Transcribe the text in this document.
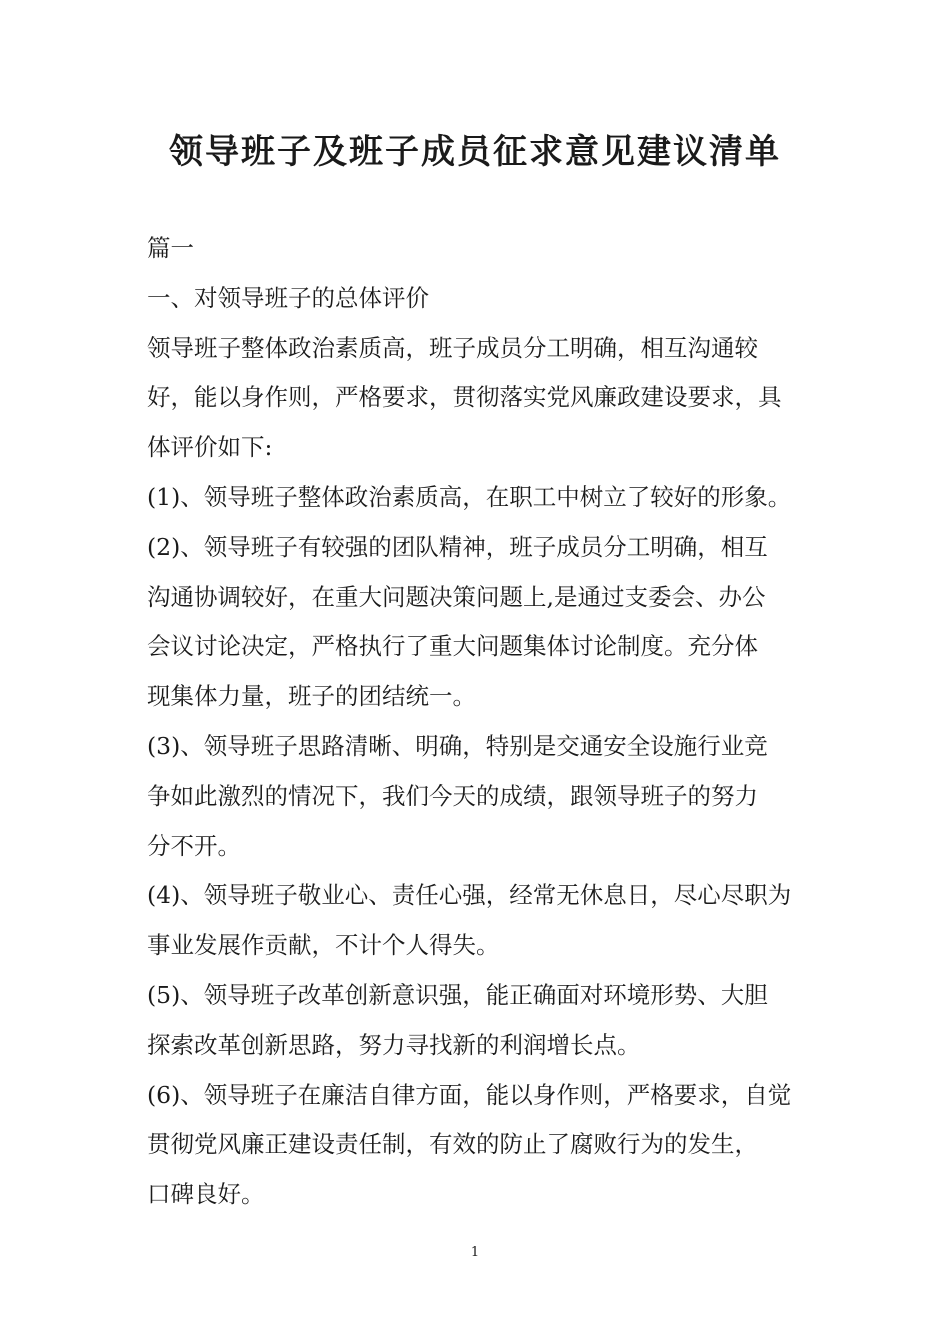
领导班子及班子成员征求意见建议清单
篇一
一、对领导班子的总体评价
领导班子整体政治素质高，班子成员分工明确，相互沟通较
好，能以身作则，严格要求，贯彻落实党风廉政建设要求，具
体评价如下:
(1)、领导班子整体政治素质高，在职工中树立了较好的形象。
(2)、领导班子有较强的团队精神，班子成员分工明确，相互
沟通协调较好，在重大问题决策问题上,是通过支委会、办公
会议讨论决定，严格执行了重大问题集体讨论制度。充分体
现集体力量，班子的团结统一。
(3)、领导班子思路清晰、明确，特别是交通安全设施行业竞
争如此激烈的情况下，我们今天的成绩，跟领导班子的努力
分不开。
(4)、领导班子敬业心、责任心强，经常无休息日，尽心尽职为
事业发展作贡献，不计个人得失。
(5)、领导班子改革创新意识强，能正确面对环境形势、大胆
探索改革创新思路，努力寻找新的利润增长点。
(6)、领导班子在廉洁自律方面，能以身作则，严格要求，自觉
贯彻党风廉正建设责任制，有效的防止了腐败行为的发生，
口碑良好。
1
